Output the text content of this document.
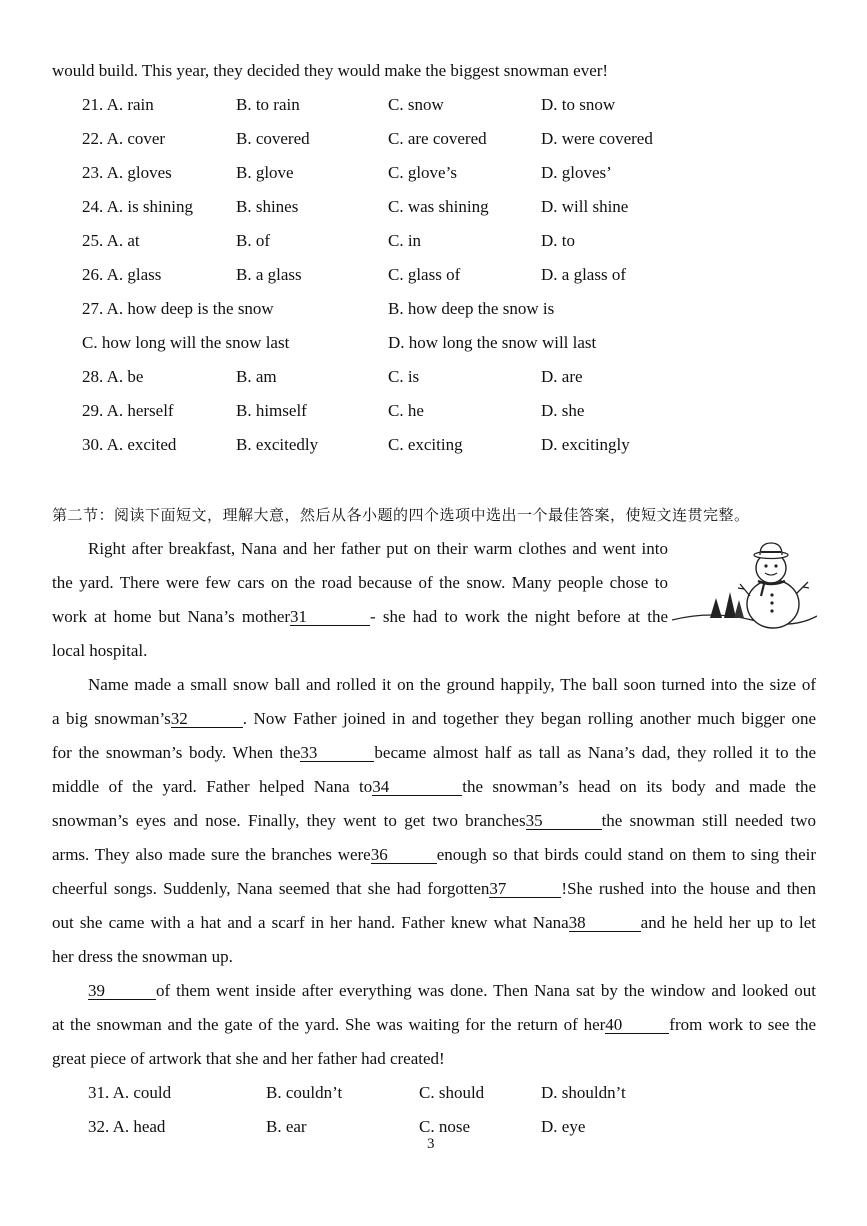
would build. This year, they decided they would make the biggest snowman ever!
21. A. rain	B. to rain	C. snow	D. to snow
22. A. cover	B. covered	C. are covered	D. were covered
23. A. gloves	B. glove	C. glove’s	D. gloves’
24. A. is shining	B. shines	C. was shining	D. will shine
25. A. at	B. of	C. in	D. to
26. A. glass	B. a glass	C. glass of	D. a glass of
27. A. how deep is the snow	B. how deep the snow is
C. how long will the snow last	D. how long the snow will last
28. A. be	B. am	C. is	D. are
29. A. herself	B. himself	C. he	D. she
30. A. excited	B. excitedly	C. exciting	D. excitingly
第二节：阅读下面短文，理解大意，然后从各小题的四个选项中选出一个最佳答案，使短文连贯完整。
Right after breakfast, Nana and her father put on their warm clothes and went into
the yard. There were few cars on the road because of the snow. Many people chose to
work at home but Nana’s mother31	- she had to work the night before at the
local hospital.
Name made a small snow ball and rolled it on the ground happily, The ball soon turned into the size of
a big snowman’s32	. Now Father joined in and together they began rolling another much bigger one
for the snowman’s body. When the33	became almost half as tall as Nana’s dad, they rolled it to the
middle of the yard. Father helped Nana to34	the snowman’s head on its body and made the
snowman’s eyes and nose. Finally, they went to get two branches35	the snowman still needed two
arms. They also made sure the branches were36	enough so that birds could stand on them to sing their
cheerful songs. Suddenly, Nana seemed that she had forgotten37	!She rushed into the house and then
out she came with a hat and a scarf in her hand. Father knew what Nana38	and he held her up to let
her dress the snowman up.
39	of them went inside after everything was done. Then Nana sat by the window and looked out
at the snowman and the gate of the yard. She was waiting for the return of her40	from work to see the
great piece of artwork that she and her father had created!
31. A. could	B. couldn’t	C. should	D. shouldn’t
32. A. head	B. ear	C. nose	D. eye
3
